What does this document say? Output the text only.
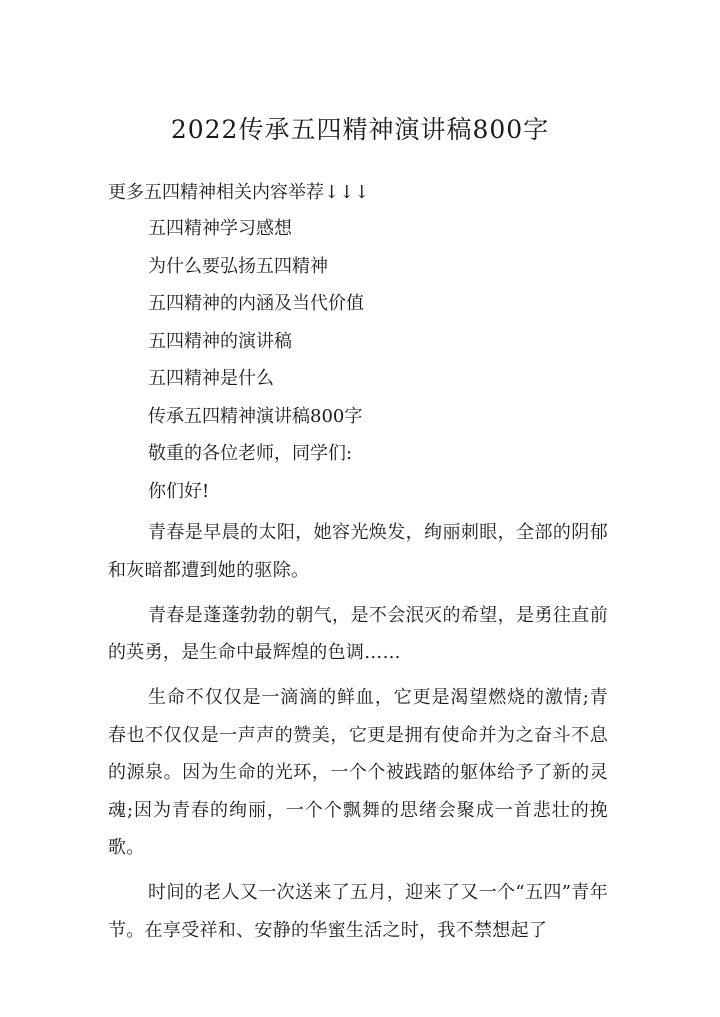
2022传承五四精神演讲稿800字

更多五四精神相关内容举荐↓↓↓

五四精神学习感想
为什么要弘扬五四精神
五四精神的内涵及当代价值
五四精神的演讲稿
五四精神是什么
传承五四精神演讲稿800字
敬重的各位老师，同学们:
你们好!

青春是早晨的太阳，她容光焕发，绚丽刺眼，全部的阴郁和灰暗都遭到她的驱除。

青春是蓬蓬勃勃的朝气，是不会泯灭的希望，是勇往直前的英勇，是生命中最辉煌的色调……

生命不仅仅是一滴滴的鲜血，它更是渴望燃烧的激情;青春也不仅仅是一声声的赞美，它更是拥有使命并为之奋斗不息的源泉。因为生命的光环，一个个被践踏的躯体给予了新的灵魂;因为青春的绚丽，一个个飘舞的思绪会聚成一首悲壮的挽歌。

时间的老人又一次送来了五月，迎来了又一个“五四”青年节。在享受祥和、安静的华蜜生活之时，我不禁想起了
